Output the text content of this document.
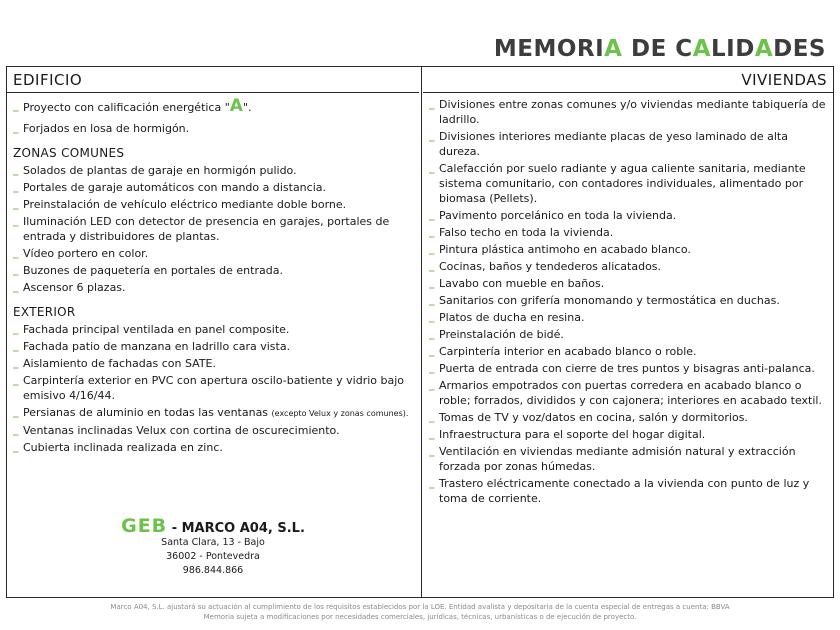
MEMORIA DE CALIDADES
EDIFICIO
_ Proyecto con calificación energética "A".
_ Forjados en losa de hormigón.
ZONAS COMUNES
_ Solados de plantas de garaje en hormigón pulido.
_ Portales de garaje automáticos con mando a distancia.
_ Preinstalación de vehículo eléctrico mediante doble borne.
_ Iluminación LED con detector de presencia en garajes, portales de entrada y distribuidores de plantas.
_ Vídeo portero en color.
_ Buzones de paquetería en portales de entrada.
_ Ascensor 6 plazas.
EXTERIOR
_ Fachada principal ventilada en panel composite.
_ Fachada patio de manzana en ladrillo cara vista.
_ Aislamiento de fachadas con SATE.
_ Carpintería exterior en PVC con apertura oscilo-batiente y vidrio bajo emisivo 4/16/44.
_ Persianas de aluminio en todas las ventanas (excepto Velux y zonas comunes).
_ Ventanas inclinadas Velux con cortina de oscurecimiento.
_ Cubierta inclinada realizada en zinc.
GEB - MARCO A04, S.L.
Santa Clara, 13 - Bajo
36002 - Pontevedra
986.844.866
VIVIENDAS
_ Divisiones entre zonas comunes y/o viviendas mediante tabiquería de ladrillo.
_ Divisiones interiores mediante placas de yeso laminado de alta dureza.
_ Calefacción por suelo radiante y agua caliente sanitaria, mediante sistema comunitario, con contadores individuales, alimentado por biomasa (Pellets).
_ Pavimento porcelánico en toda la vivienda.
_ Falso techo en toda la vivienda.
_ Pintura plástica antimoho en acabado blanco.
_ Cocinas, baños y tendederos alicatados.
_ Lavabo con mueble en baños.
_ Sanitarios con grifería monomando y termostática en duchas.
_ Platos de ducha en resina.
_ Preinstalación de bidé.
_ Carpintería interior en acabado blanco o roble.
_ Puerta de entrada con cierre de tres puntos y bisagras anti-palanca.
_ Armarios empotrados con puertas corredera en acabado blanco o roble; forrados, divididos y con cajonera; interiores en acabado textil.
_ Tomas de TV y voz/datos en cocina, salón y dormitorios.
_ Infraestructura para el soporte del hogar digital.
_ Ventilación en viviendas mediante admisión natural y extracción forzada por zonas húmedas.
_ Trastero eléctricamente conectado a la vivienda con punto de luz y toma de corriente.
Marco A04, S.L. ajustará su actuación al cumplimiento de los requisitos establecidos por la LOE. Entidad avalista y depositaria de la cuenta especial de entregas a cuenta: BBVA
Memoria sujeta a modificaciones por necesidades comerciales, jurídicas, técnicas, urbanísticas o de ejecución de proyecto.
